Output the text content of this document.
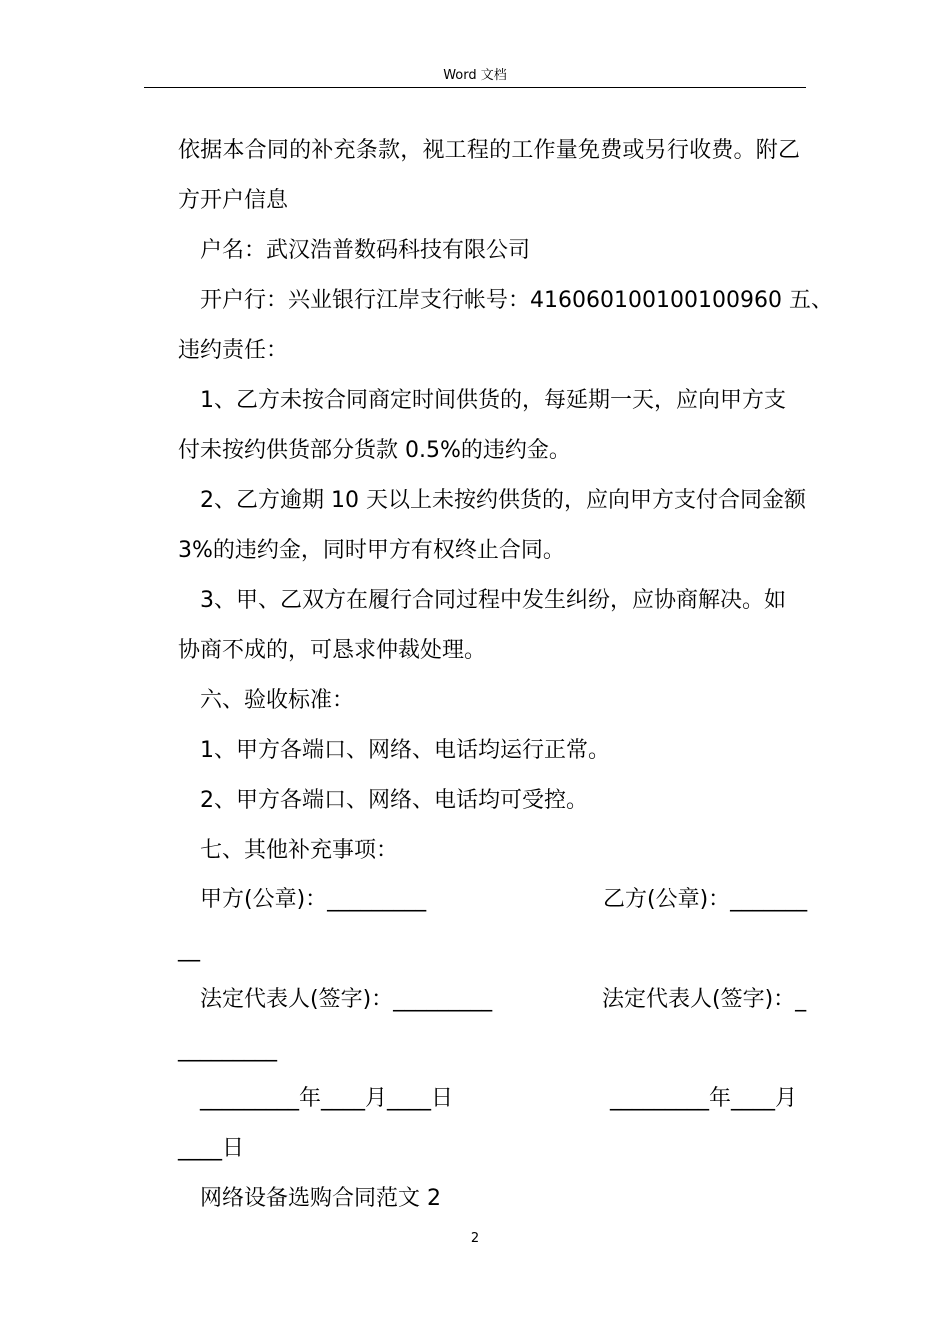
Word 文档
依据本合同的补充条款，视工程的工作量免费或另行收费。附乙
方开户信息
户名：武汉浩普数码科技有限公司
开户行：兴业银行江岸支行帐号：416060100100100960 五、
违约责任：
1、乙方未按合同商定时间供货的，每延期一天，应向甲方支
付未按约供货部分货款 0.5%的违约金。
2、乙方逾期 10 天以上未按约供货的，应向甲方支付合同金额
3%的违约金，同时甲方有权终止合同。
3、甲、乙双方在履行合同过程中发生纠纷，应协商解决。如
协商不成的，可恳求仲裁处理。
六、验收标准：
1、甲方各端口、网络、电话均运行正常。
2、甲方各端口、网络、电话均可受控。
七、其他补充事项：
甲方(公章)：_________	乙方(公章)：_______
__
法定代表人(签字)：_________	法定代表人(签字)：_
_________
_________年____月____日	_________年____月
____日
网络设备选购合同范文 2
2
